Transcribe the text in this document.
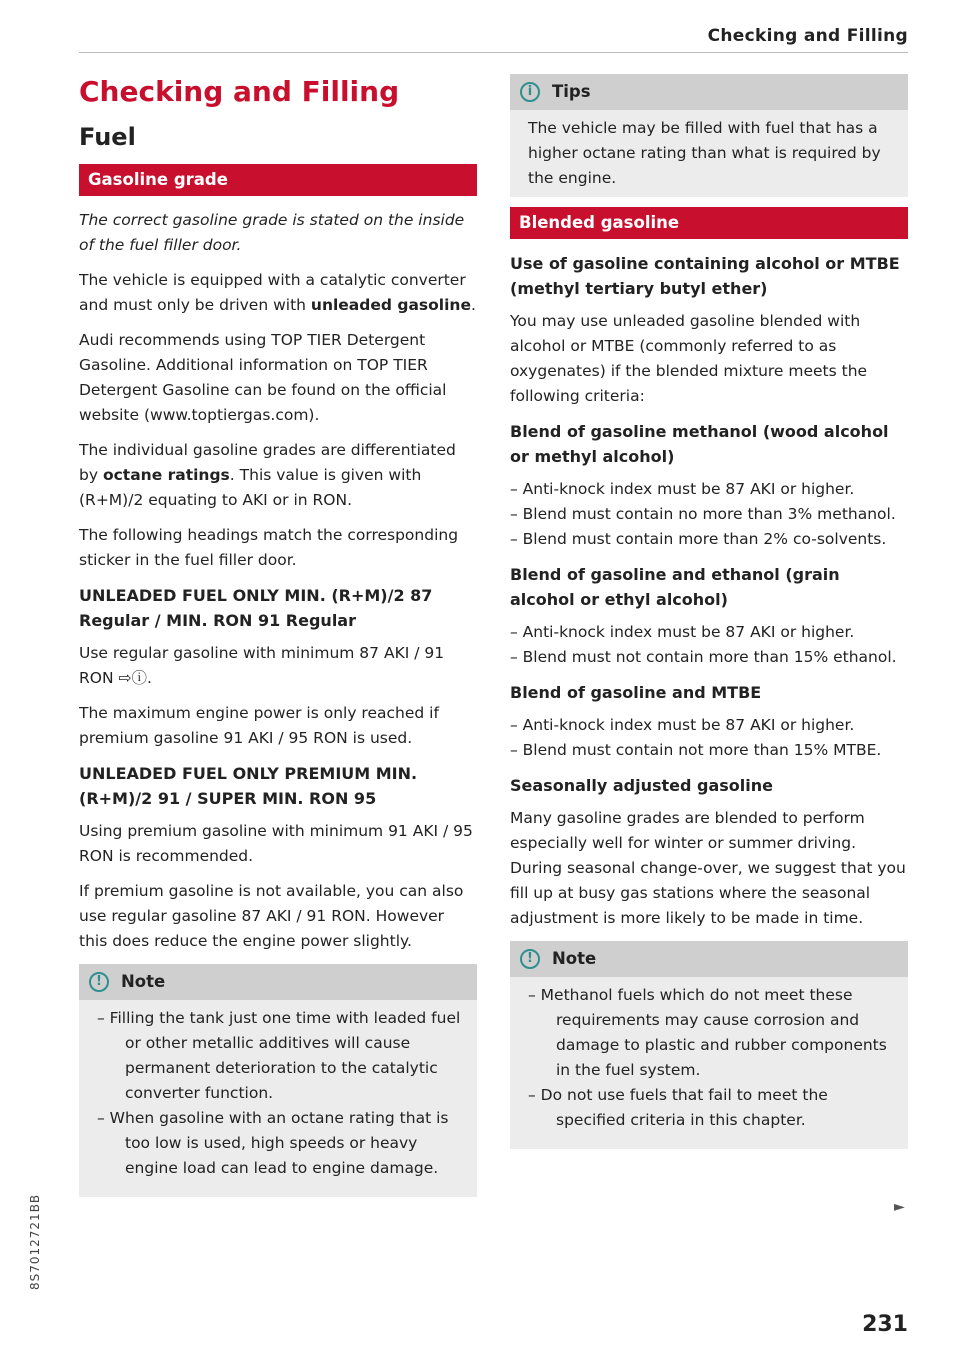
Checking and Filling
Checking and Filling
Fuel
Gasoline grade

The correct gasoline grade is stated on the inside of the fuel filler door.

The vehicle is equipped with a catalytic converter and must only be driven with unleaded gasoline.

Audi recommends using TOP TIER Detergent Gasoline. Additional information on TOP TIER Detergent Gasoline can be found on the official website (www.toptiergas.com).

The individual gasoline grades are differentiated by octane ratings. This value is given with (R+M)/2 equating to AKI or in RON.

The following headings match the corresponding sticker in the fuel filler door.

UNLEADED FUEL ONLY MIN. (R+M)/2 87 Regular / MIN. RON 91 Regular

Use regular gasoline with minimum 87 AKI / 91 RON ⇨ⓘ.

The maximum engine power is only reached if premium gasoline 91 AKI / 95 RON is used.

UNLEADED FUEL ONLY PREMIUM MIN. (R+M)/2 91 / SUPER MIN. RON 95

Using premium gasoline with minimum 91 AKI / 95 RON is recommended.

If premium gasoline is not available, you can also use regular gasoline 87 AKI / 91 RON. However this does reduce the engine power slightly.

!	Note
– Filling the tank just one time with leaded fuel or other metallic additives will cause permanent deterioration to the catalytic converter function.
– When gasoline with an octane rating that is too low is used, high speeds or heavy engine load can lead to engine damage.
i	Tips

The vehicle may be filled with fuel that has a higher octane rating than what is required by the engine.

Blended gasoline
Use of gasoline containing alcohol or MTBE (methyl tertiary butyl ether)

You may use unleaded gasoline blended with alcohol or MTBE (commonly referred to as oxygenates) if the blended mixture meets the following criteria:

Blend of gasoline methanol (wood alcohol or methyl alcohol)
– Anti-knock index must be 87 AKI or higher.
– Blend must contain no more than 3% methanol.
– Blend must contain more than 2% co-solvents.
Blend of gasoline and ethanol (grain alcohol or ethyl alcohol)
– Anti-knock index must be 87 AKI or higher.
– Blend must not contain more than 15% ethanol.
Blend of gasoline and MTBE
– Anti-knock index must be 87 AKI or higher.
– Blend must contain not more than 15% MTBE.
Seasonally adjusted gasoline

Many gasoline grades are blended to perform especially well for winter or summer driving. During seasonal change-over, we suggest that you fill up at busy gas stations where the seasonal adjustment is more likely to be made in time.

!	Note
– Methanol fuels which do not meet these requirements may cause corrosion and damage to plastic and rubber components in the fuel system.
– Do not use fuels that fail to meet the specified criteria in this chapter.
►
231
8S7012721BB
